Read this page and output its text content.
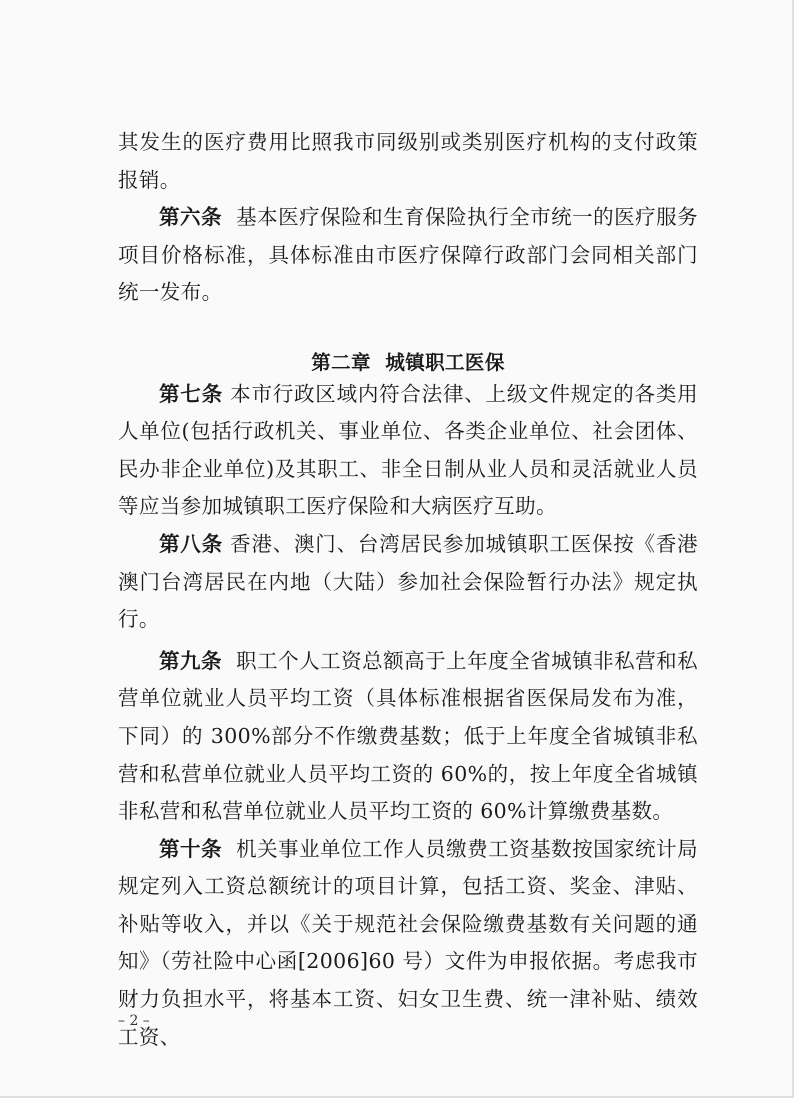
其发生的医疗费用比照我市同级别或类别医疗机构的支付政策报销。

第六条 基本医疗保险和生育保险执行全市统一的医疗服务项目价格标准，具体标准由市医疗保障行政部门会同相关部门统一发布。

第二章  城镇职工医保

第七条 本市行政区域内符合法律、上级文件规定的各类用人单位(包括行政机关、事业单位、各类企业单位、社会团体、民办非企业单位)及其职工、非全日制从业人员和灵活就业人员等应当参加城镇职工医疗保险和大病医疗互助。

第八条 香港、澳门、台湾居民参加城镇职工医保按《香港澳门台湾居民在内地（大陆）参加社会保险暂行办法》规定执行。

第九条 职工个人工资总额高于上年度全省城镇非私营和私营单位就业人员平均工资（具体标准根据省医保局发布为准，下同）的 300%部分不作缴费基数；低于上年度全省城镇非私营和私营单位就业人员平均工资的 60%的，按上年度全省城镇非私营和私营单位就业人员平均工资的 60%计算缴费基数。

第十条 机关事业单位工作人员缴费工资基数按国家统计局规定列入工资总额统计的项目计算，包括工资、奖金、津贴、补贴等收入，并以《关于规范社会保险缴费基数有关问题的通知》（劳社险中心函[2006]60 号）文件为申报依据。考虑我市财力负担水平，将基本工资、妇女卫生费、统一津补贴、绩效工资、

– 2 –
